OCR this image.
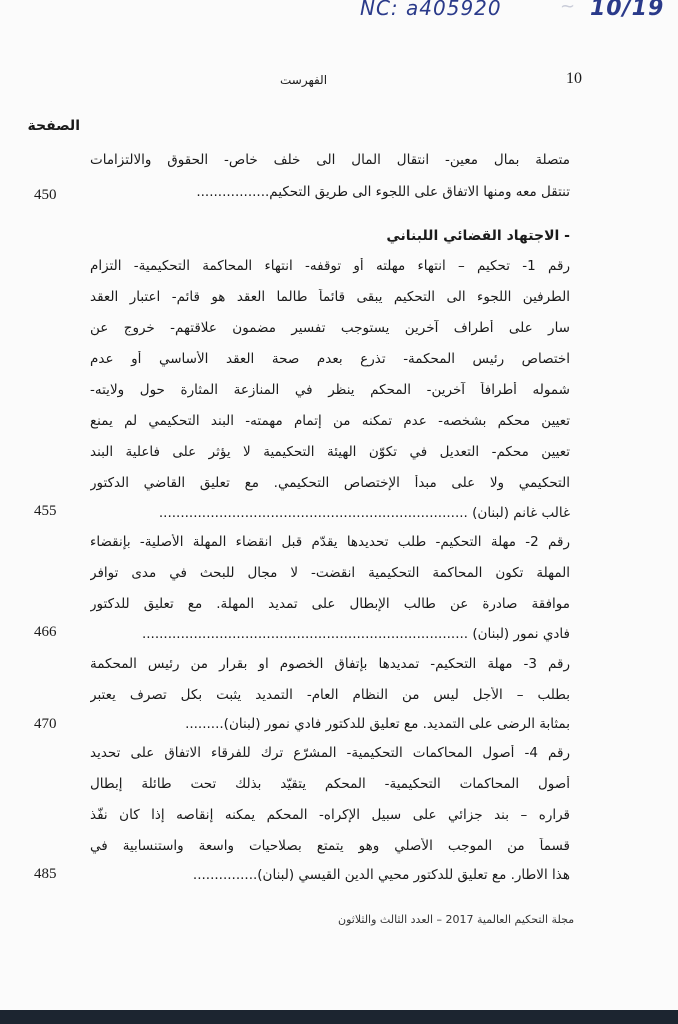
~
NC: a405920	10/19
10
الفهرست
الصفحة
متصلة بمال معين- انتقال المال الى خلف خاص- الحقوق والالتزامات
تنتقل معه ومنها الاتفاق على اللجوء الى طريق التحكيم.................
450
- الاجتهاد القضائي اللبناني
رقم 1- تحكيم – انتهاء مهلته أو توقفه- انتهاء المحاكمة التحكيمية- التزام
الطرفين اللجوء الى التحكيم يبقى قائماً طالما العقد هو قائم- اعتبار العقد
سار على أطراف آخرين يستوجب تفسير مضمون علاقتهم- خروج عن
اختصاص رئيس المحكمة- تذرع بعدم صحة العقد الأساسي أو عدم
شموله أطرافاً آخرين- المحكم ينظر في المنازعة المثارة حول ولايته-
تعيين محكم بشخصه- عدم تمكنه من إتمام مهمته- البند التحكيمي لم يمنع
تعيين محكم- التعديل في تكوّن الهيئة التحكيمية لا يؤثر على فاعلية البند
التحكيمي ولا على مبدأ الإختصاص التحكيمي. مع تعليق القاضي الدكتور
غالب غانم (لبنان) ........................................................................
455
رقم 2- مهلة التحكيم- طلب تحديدها يقدّم قبل انقضاء المهلة الأصلية- بإنقضاء
المهلة تكون المحاكمة التحكيمية انقضت- لا مجال للبحث في مدى توافر
موافقة صادرة عن طالب الإبطال على تمديد المهلة. مع تعليق للدكتور
فادي نمور (لبنان) ............................................................................
466
رقم 3- مهلة التحكيم- تمديدها بإتفاق الخصوم او بقرار من رئيس المحكمة
بطلب – الأجل ليس من النظام العام- التمديد يثبت بكل تصرف يعتبر
بمثابة الرضى على التمديد. مع تعليق للدكتور فادي نمور (لبنان).........
470
رقم 4- أصول المحاكمات التحكيمية- المشرّع ترك للفرقاء الاتفاق على تحديد
أصول المحاكمات التحكيمية- المحكم يتقيّد بذلك تحت طائلة إبطال
قراره – بند جزائي على سبيل الإكراه- المحكم يمكنه إنقاصه إذا كان نفّذ
قسماً من الموجب الأصلي وهو يتمتع بصلاحيات واسعة واستنسابية في
هذا الاطار. مع تعليق للدكتور محيي الدين القيسي (لبنان)...............
485
مجلة التحكيم العالمية 2017 – العدد الثالث والثلاثون
